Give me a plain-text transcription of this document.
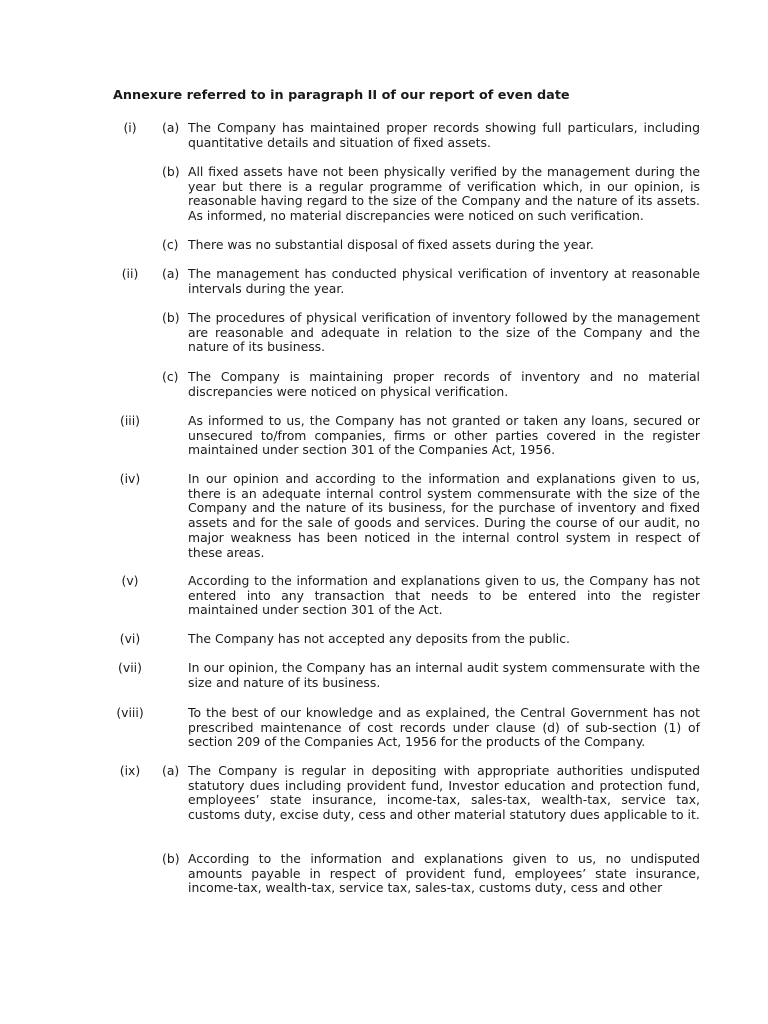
Annexure referred to in paragraph II of our report of even date

(i)	(a) The Company has maintained proper records showing full particulars, including quantitative details and situation of fixed assets.

(b) All fixed assets have not been physically verified by the management during the year but there is a regular programme of verification which, in our opinion, is reasonable having regard to the size of the Company and the nature of its assets. As informed, no material discrepancies were noticed on such verification.

(c) There was no substantial disposal of fixed assets during the year.

(ii)	(a) The management has conducted physical verification of inventory at reasonable intervals during the year.

(b) The procedures of physical verification of inventory followed by the management are reasonable and adequate in relation to the size of the Company and the nature of its business.

(c) The Company is maintaining proper records of inventory and no material discrepancies were noticed on physical verification.

(iii)	As informed to us, the Company has not granted or taken any loans, secured or unsecured to/from companies, firms or other parties covered in the register maintained under section 301 of the Companies Act, 1956.

(iv)	In our opinion and according to the information and explanations given to us, there is an adequate internal control system commensurate with the size of the Company and the nature of its business, for the purchase of inventory and fixed assets and for the sale of goods and services. During the course of our audit, no major weakness has been noticed in the internal control system in respect of these areas.

(v)	According to the information and explanations given to us, the Company has not entered into any transaction that needs to be entered into the register maintained under section 301 of the Act.

(vi)	The Company has not accepted any deposits from the public.

(vii)	In our opinion, the Company has an internal audit system commensurate with the size and nature of its business.

(viii)	To the best of our knowledge and as explained, the Central Government has not prescribed maintenance of cost records under clause (d) of sub-section (1) of section 209 of the Companies Act, 1956 for the products of the Company.

(ix)	(a) The Company is regular in depositing with appropriate authorities undisputed statutory dues including provident fund, Investor education and protection fund, employees’ state insurance, income-tax, sales-tax, wealth-tax, service tax, customs duty, excise duty, cess and other material statutory dues applicable to it.

(b) According to the information and explanations given to us, no undisputed amounts payable in respect of provident fund, employees’ state insurance, income-tax, wealth-tax, service tax, sales-tax, customs duty, cess and other
